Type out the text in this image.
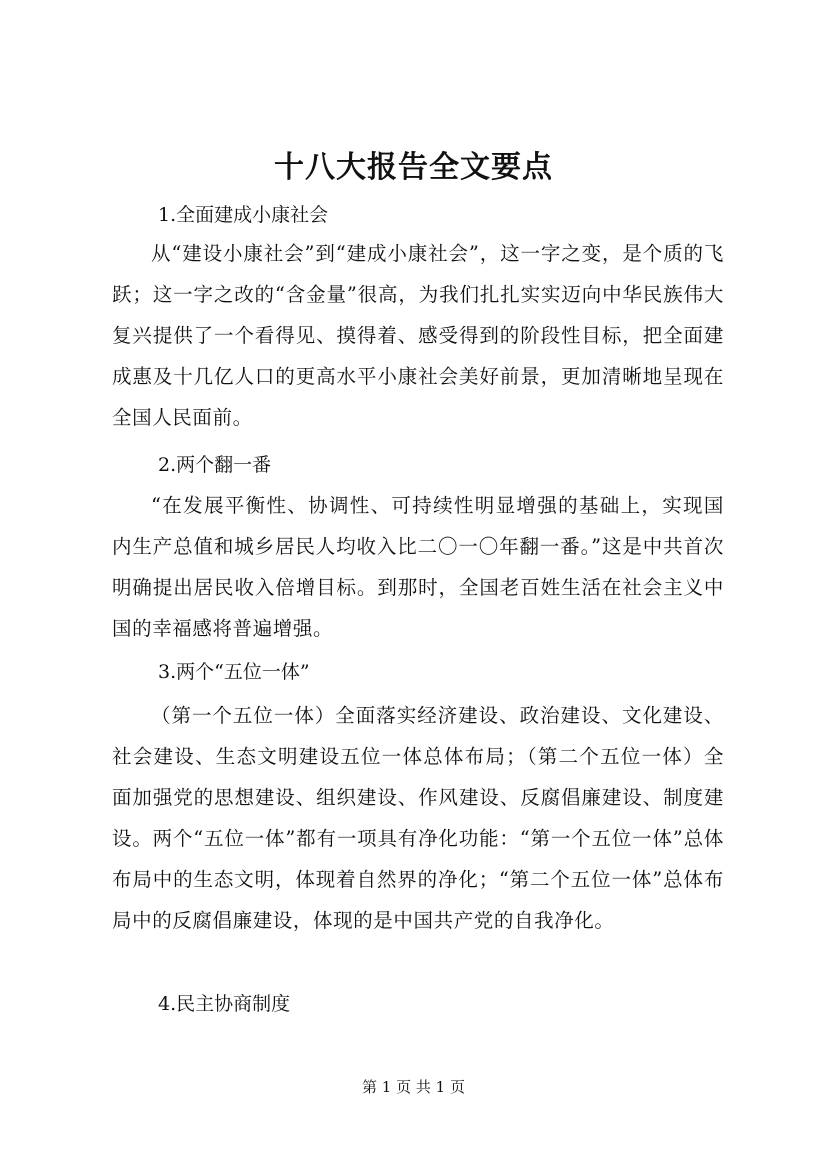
十八大报告全文要点
1.全面建成小康社会
从“建设小康社会”到“建成小康社会”，这一字之变，是个质的飞跃；这一字之改的“含金量”很高，为我们扎扎实实迈向中华民族伟大复兴提供了一个看得见、摸得着、感受得到的阶段性目标，把全面建成惠及十几亿人口的更高水平小康社会美好前景，更加清晰地呈现在全国人民面前。
2.两个翻一番
“在发展平衡性、协调性、可持续性明显增强的基础上，实现国内生产总值和城乡居民人均收入比二〇一〇年翻一番。”这是中共首次明确提出居民收入倍增目标。到那时，全国老百姓生活在社会主义中国的幸福感将普遍增强。
3.两个“五位一体”
（第一个五位一体）全面落实经济建设、政治建设、文化建设、社会建设、生态文明建设五位一体总体布局；（第二个五位一体）全面加强党的思想建设、组织建设、作风建设、反腐倡廉建设、制度建设。两个“五位一体”都有一项具有净化功能：“第一个五位一体”总体布局中的生态文明，体现着自然界的净化；“第二个五位一体”总体布局中的反腐倡廉建设，体现的是中国共产党的自我净化。
4.民主协商制度
第 1 页 共 1 页
